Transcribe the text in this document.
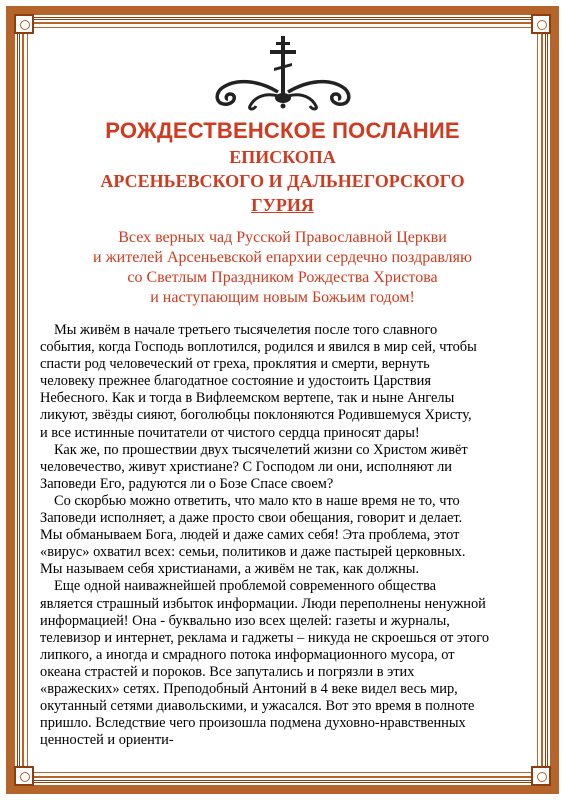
РОЖДЕСТВЕНСКОЕ ПОСЛАНИЕ
ЕПИСКОПА
АРСЕНЬЕВСКОГО И ДАЛЬНЕГОРСКОГО
ГУРИЯ
Всех верных чад Русской Православной Церкви
и жителей Арсеньевской епархии сердечно поздравляю
со Светлым Праздником Рождества Христова
и наступающим новым Божьим годом!
Мы живём в начале третьего тысячелетия после того славного
события, когда Господь воплотился, родился и явился в мир сей, чтобы
спасти род человеческий от греха, проклятия и смерти, вернуть
человеку прежнее благодатное состояние и удостоить Царствия
Небесного. Как и тогда в Вифлеемском вертепе, так и ныне Ангелы
ликуют, звёзды сияют, боголюбцы поклоняются Родившемуся Христу,
и все истинные почитатели от чистого сердца приносят дары!
Как же, по прошествии двух тысячелетий жизни со Христом живёт
человечество, живут христиане? С Господом ли они, исполняют ли
Заповеди Его, радуются ли о Бозе Спасе своем?
Со скорбью можно ответить, что мало кто в наше время не то, что
Заповеди исполняет, а даже просто свои обещания, говорит и делает.
Мы обманываем Бога, людей и даже самих себя! Эта проблема, этот
«вирус» охватил всех: семьи, политиков и даже пастырей церковных.
Мы называем себя христианами, а живём не так, как должны.
Еще одной наиважнейшей проблемой современного общества
является страшный избыток информации. Люди переполнены ненужной
информацией! Она - буквально изо всех щелей: газеты и журналы,
телевизор и интернет, реклама и гаджеты – никуда не скроешься от этого
липкого, а иногда и смрадного потока информационного мусора, от
океана страстей и пороков. Все запутались и погрязли в этих
«вражеских» сетях. Преподобный Антоний в 4 веке видел весь мир,
окутанный сетями диавольскими, и ужасался. Вот это время в полноте
пришло. Вследствие чего произошла подмена духовно-нравственных
ценностей и ориенти-
